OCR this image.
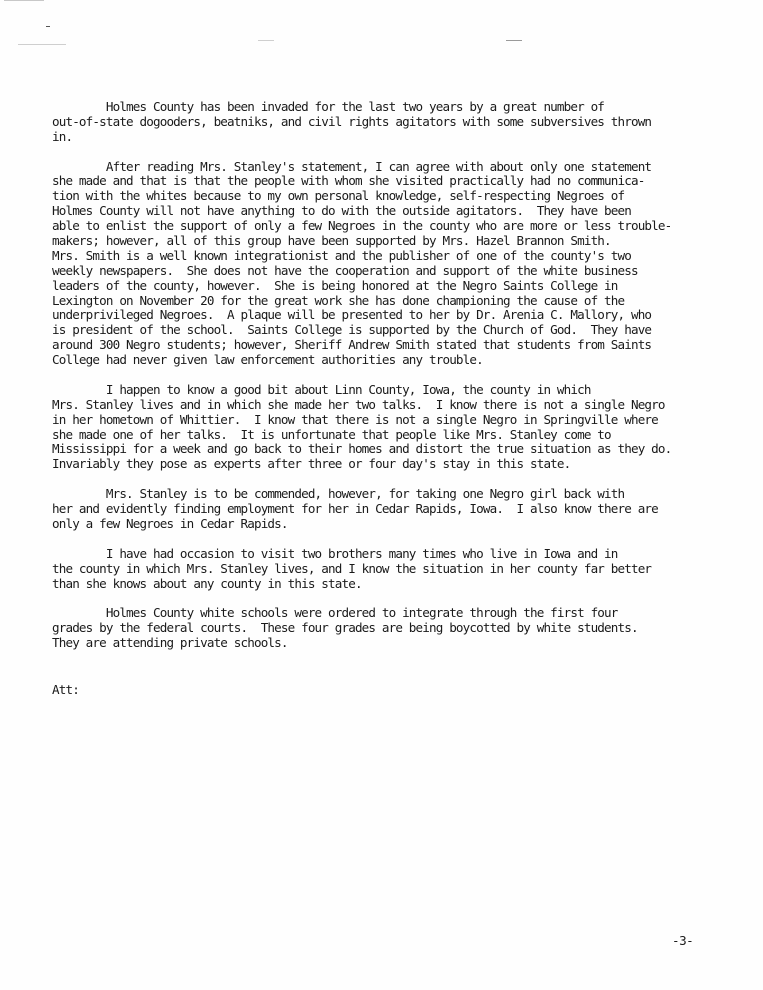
Holmes County has been invaded for the last two years by a great number of
out-of-state dogooders, beatniks, and civil rights agitators with some subversives thrown
in.
After reading Mrs. Stanley's statement, I can agree with about only one statement
she made and that is that the people with whom she visited practically had no communica-
tion with the whites because to my own personal knowledge, self-respecting Negroes of
Holmes County will not have anything to do with the outside agitators.  They have been
able to enlist the support of only a few Negroes in the county who are more or less trouble-
makers; however, all of this group have been supported by Mrs. Hazel Brannon Smith.
Mrs. Smith is a well known integrationist and the publisher of one of the county's two
weekly newspapers.  She does not have the cooperation and support of the white business
leaders of the county, however.  She is being honored at the Negro Saints College in
Lexington on November 20 for the great work she has done championing the cause of the
underprivileged Negroes.  A plaque will be presented to her by Dr. Arenia C. Mallory, who
is president of the school.  Saints College is supported by the Church of God.  They have
around 300 Negro students; however, Sheriff Andrew Smith stated that students from Saints
College had never given law enforcement authorities any trouble.
I happen to know a good bit about Linn County, Iowa, the county in which
Mrs. Stanley lives and in which she made her two talks.  I know there is not a single Negro
in her hometown of Whittier.  I know that there is not a single Negro in Springville where
she made one of her talks.  It is unfortunate that people like Mrs. Stanley come to
Mississippi for a week and go back to their homes and distort the true situation as they do.
Invariably they pose as experts after three or four day's stay in this state.
Mrs. Stanley is to be commended, however, for taking one Negro girl back with
her and evidently finding employment for her in Cedar Rapids, Iowa.  I also know there are
only a few Negroes in Cedar Rapids.
I have had occasion to visit two brothers many times who live in Iowa and in
the county in which Mrs. Stanley lives, and I know the situation in her county far better
than she knows about any county in this state.
Holmes County white schools were ordered to integrate through the first four
grades by the federal courts.  These four grades are being boycotted by white students.
They are attending private schools.
Att:
-3-
